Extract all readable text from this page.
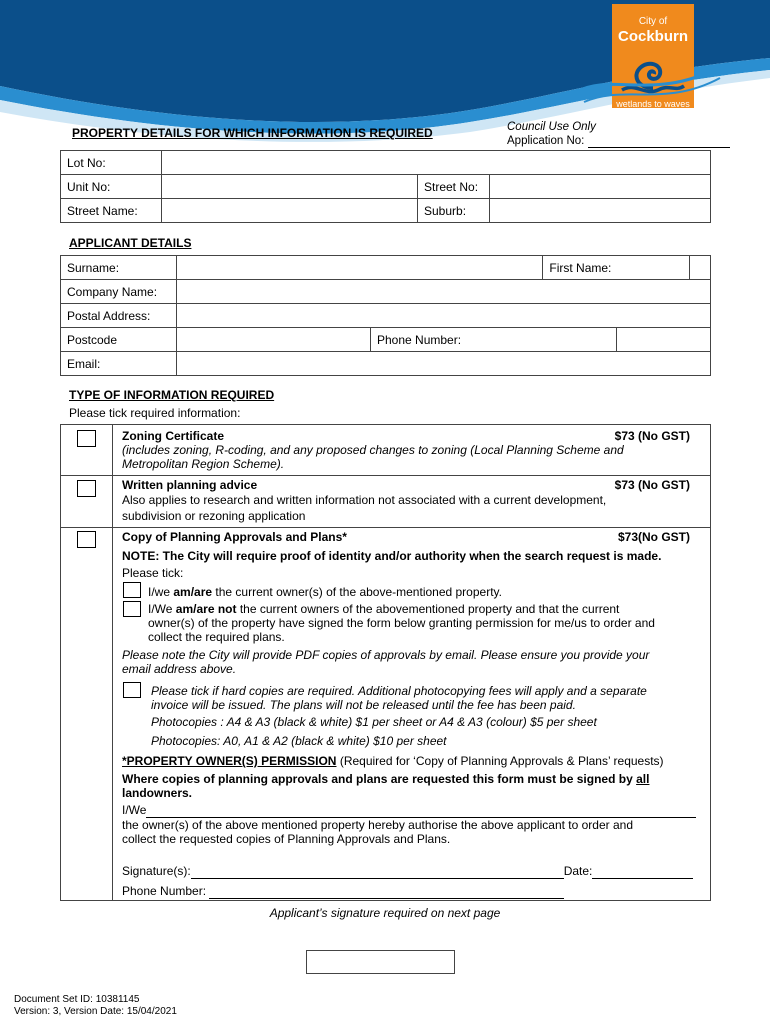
City of
Cockburn
wetlands to waves
Council Use Only
Application No:
PROPERTY DETAILS FOR WHICH INFORMATION IS REQUIRED
Lot No:			
Unit No:		Street No:	
Street Name:		Suburb:	
APPLICANT DETAILS
Surname:			First Name:		
Company Name:					
Postal Address:					
Postcode		Phone Number:			
Email:					
TYPE OF INFORMATION REQUIRED
Please tick required information:
Zoning Certificate	$73 (No GST)
(includes zoning, R-coding, and any proposed changes to zoning (Local Planning Scheme and
Metropolitan Region Scheme).
Written planning advice	$73 (No GST)
Also applies to research and written information not associated with a current development,
subdivision or rezoning application
Copy of Planning Approvals and Plans*	$73(No GST)
NOTE: The City will require proof of identity and/or authority when the search request is made.
Please tick:
I/we am/are the current owner(s) of the above-mentioned property.
I/We am/are not the current owners of the abovementioned property and that the current
owner(s) of the property have signed the form below granting permission for me/us to order and
collect the required plans.
Please note the City will provide PDF copies of approvals by email. Please ensure you provide your
email address above.
Please tick if hard copies are required. Additional photocopying fees will apply and a separate
invoice will be issued. The plans will not be released until the fee has been paid.
Photocopies : A4 & A3 (black & white) $1 per sheet or A4 & A3 (colour) $5 per sheet
Photocopies: A0, A1 & A2 (black & white) $10 per sheet
*PROPERTY OWNER(S) PERMISSION (Required for ‘Copy of Planning Approvals & Plans’ requests)
Where copies of planning approvals and plans are requested this form must be signed by all
landowners.
I/We
the owner(s) of the above mentioned property hereby authorise the above applicant to order and
collect the requested copies of Planning Approvals and Plans.
Signature(s):	Date:
Phone Number:
Applicant’s signature required on next page
Document Set ID: 10381145
Version: 3, Version Date: 15/04/2021
